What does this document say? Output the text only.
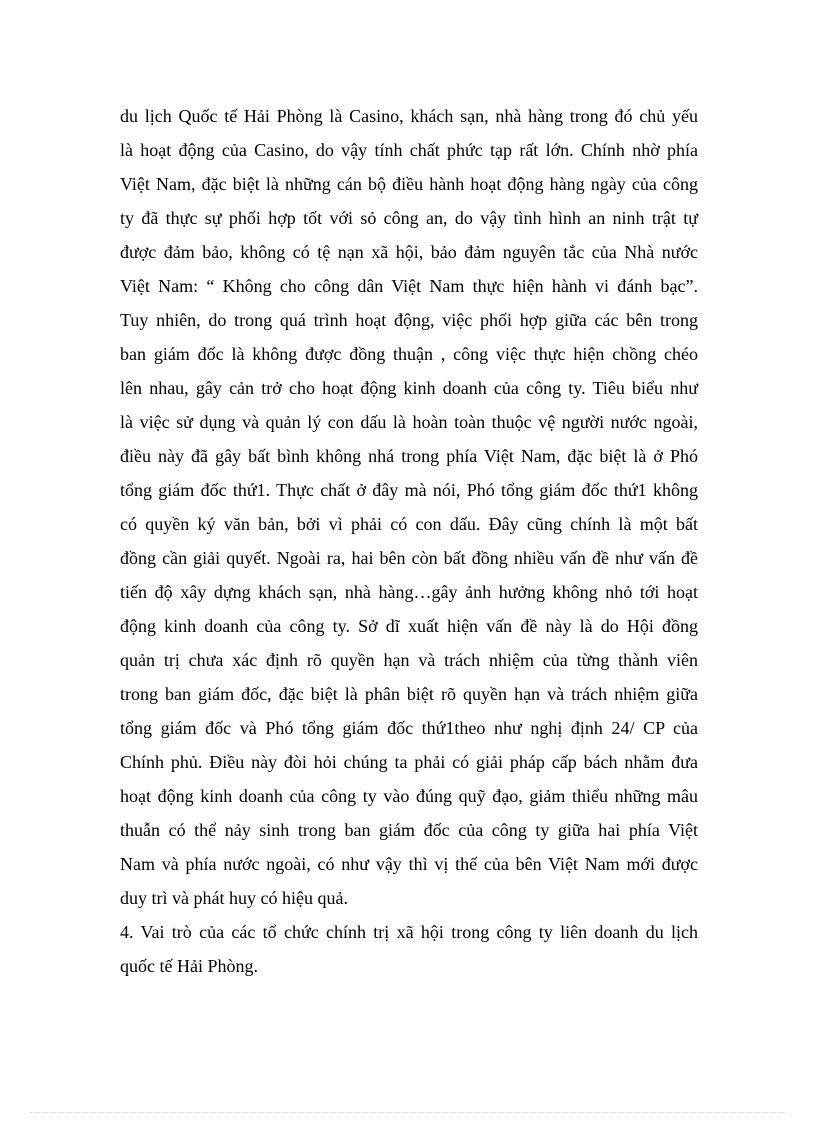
du lịch Quốc tế Hải Phòng là Casino, khách sạn, nhà hàng trong đó chủ yếu
là hoạt động của Casino, do vậy tính chất phức tạp rất lớn. Chính nhờ phía
Việt Nam, đặc biệt là những cán bộ điều hành hoạt động hàng ngày của công
ty đã thực sự phối hợp tốt với sỏ công an, do vậy tình hình an ninh trật tự
được đảm bảo, không có tệ nạn xã hội, bảo đảm nguyên tắc của Nhà nước
Việt Nam: “ Không cho công dân Việt Nam thực hiện hành vi đánh bạc”.
Tuy nhiên, do trong quá trình hoạt động, việc phối hợp giữa các bên trong
ban giám đốc là không được đồng thuận , công việc thực hiện chồng chéo
lên nhau, gây cản trở cho hoạt động kinh doanh của công ty. Tiêu biểu như
là việc sử dụng và quản lý con dấu là hoàn toàn thuộc vệ người nước ngoài,
điều này đã gây bất bình không nhá trong phía Việt Nam, đặc biệt là ở Phó
tổng giám đốc thứ1. Thực chất ở đây mà nói, Phó tổng giám đốc thứ1 không
có quyền ký văn bản, bởi vì phải có con dấu. Đây cũng chính là một bất
đồng cần giải quyết. Ngoài ra, hai bên còn bất đồng nhiều vấn đề như vấn đề
tiến độ xây dựng khách sạn, nhà hàng…gây ảnh hưởng không nhỏ tới hoạt
động kinh doanh của công ty. Sở dĩ xuất hiện vấn đề này là do Hội đồng
quản trị chưa xác định rõ quyền hạn và trách nhiệm của từng thành viên
trong ban giám đốc, đặc biệt là phân biệt rõ quyền hạn và trách nhiệm giữa
tổng giám đốc và Phó tổng giám đốc thứ1theo như nghị định 24/ CP của
Chính phủ. Điều này đòi hỏi chúng ta phải có giải pháp cấp bách nhằm đưa
hoạt động kinh doanh của công ty vào đúng quỹ đạo, giảm thiểu những mâu
thuẫn có thể nảy sinh trong ban giám đốc của công ty giữa hai phía Việt
Nam và phía nước ngoài, có như vậy thì vị thế của bên Việt Nam mới được
duy trì và phát huy có hiệu quả.
4. Vai trò của các tổ chức chính trị xã hội trong công ty liên doanh du lịch
quốc tế Hải Phòng.
